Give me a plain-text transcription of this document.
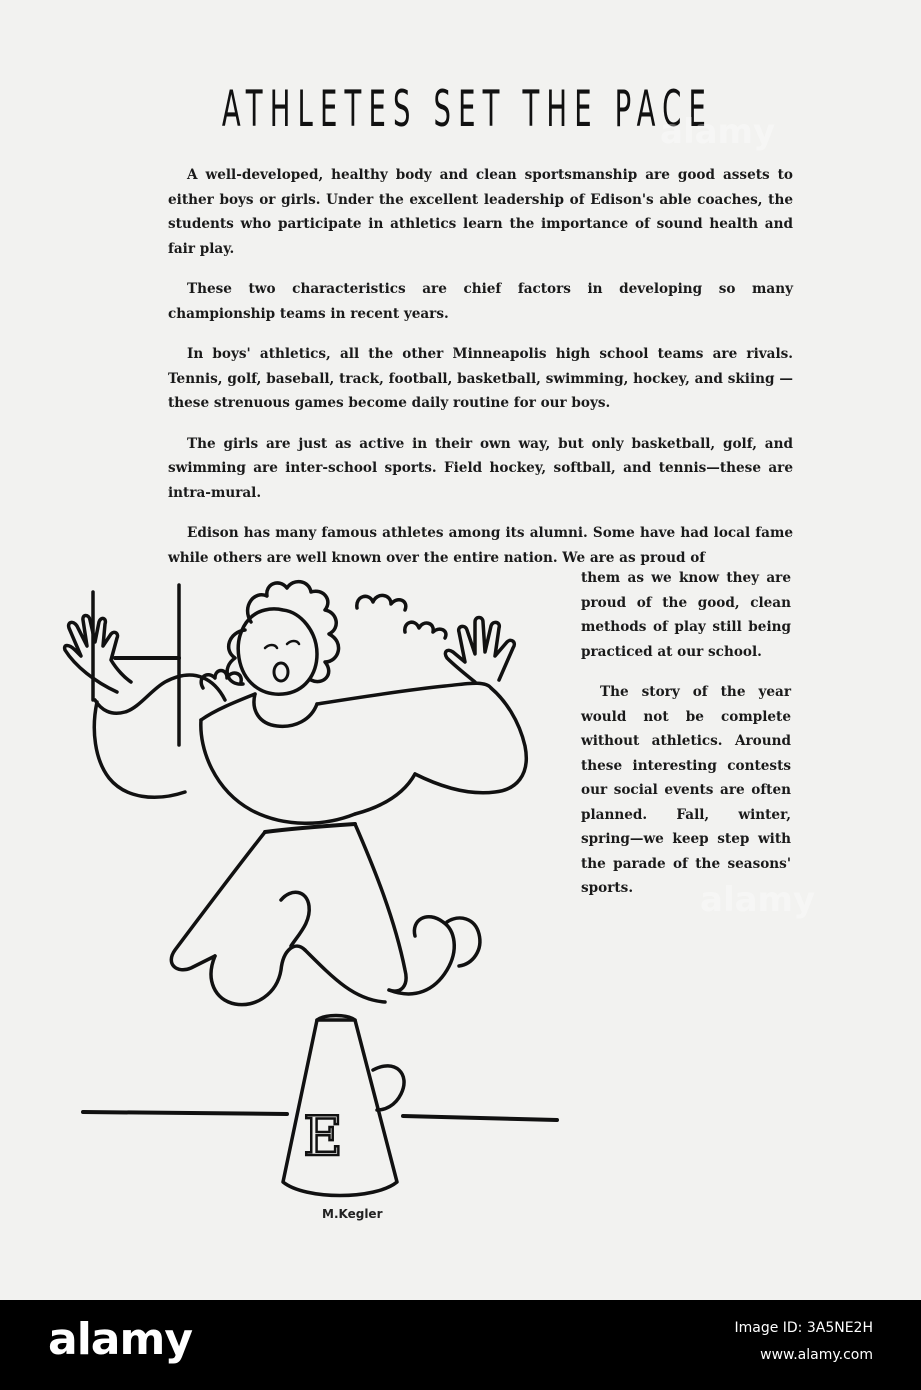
ATHLETES SET THE PACE

A well-developed, healthy body and clean sportsmanship are good assets to either boys or girls. Under the excellent leadership of Edison's able coaches, the students who participate in athletics learn the importance of sound health and fair play.

These two characteristics are chief factors in developing so many championship teams in recent years.

In boys' athletics, all the other Minneapolis high school teams are rivals. Tennis, golf, baseball, track, football, basketball, swimming, hockey, and skiing —these strenuous games become daily routine for our boys.

The girls are just as active in their own way, but only basketball, golf, and swimming are inter-school sports. Field hockey, softball, and tennis—these are intra-mural.

Edison has many famous athletes among its alumni. Some have had local fame while others are well known over the entire nation. We are as proud of

them as we know they are proud of the good, clean methods of play still being practiced at our school.

The story of the year would not be complete without athletics. Around these interesting contests our social events are often planned. Fall, winter, spring—we keep step with the parade of the seasons' sports.

E
M.Kegler
alamy
alamy
alamy	Image ID: 3A5NE2H
www.alamy.com
